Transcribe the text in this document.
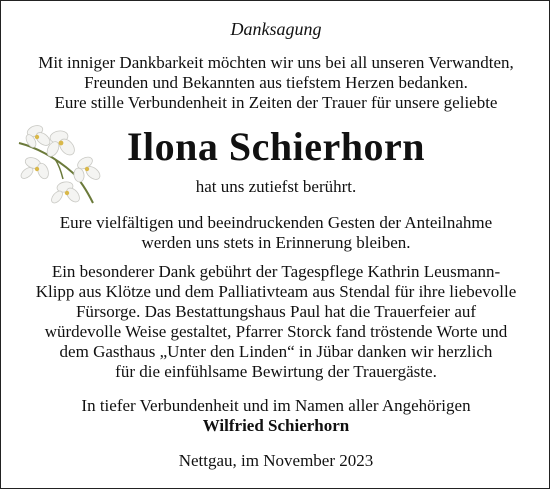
Danksagung
Mit inniger Dankbarkeit möchten wir uns bei all unseren Verwandten,
Freunden und Bekannten aus tiefstem Herzen bedanken.
Eure stille Verbundenheit in Zeiten der Trauer für unsere geliebte
Ilona Schierhorn
hat uns zutiefst berührt.
Eure vielfältigen und beeindruckenden Gesten der Anteilnahme
werden uns stets in Erinnerung bleiben.
Ein besonderer Dank gebührt der Tagespflege Kathrin Leusmann-
Klipp aus Klötze und dem Palliativteam aus Stendal für ihre liebevolle
Fürsorge. Das Bestattungshaus Paul hat die Trauerfeier auf
würdevolle Weise gestaltet, Pfarrer Storck fand tröstende Worte und
dem Gasthaus „Unter den Linden“ in Jübar danken wir herzlich
für die einfühlsame Bewirtung der Trauergäste.
In tiefer Verbundenheit und im Namen aller Angehörigen
Wilfried Schierhorn
Nettgau, im November 2023
